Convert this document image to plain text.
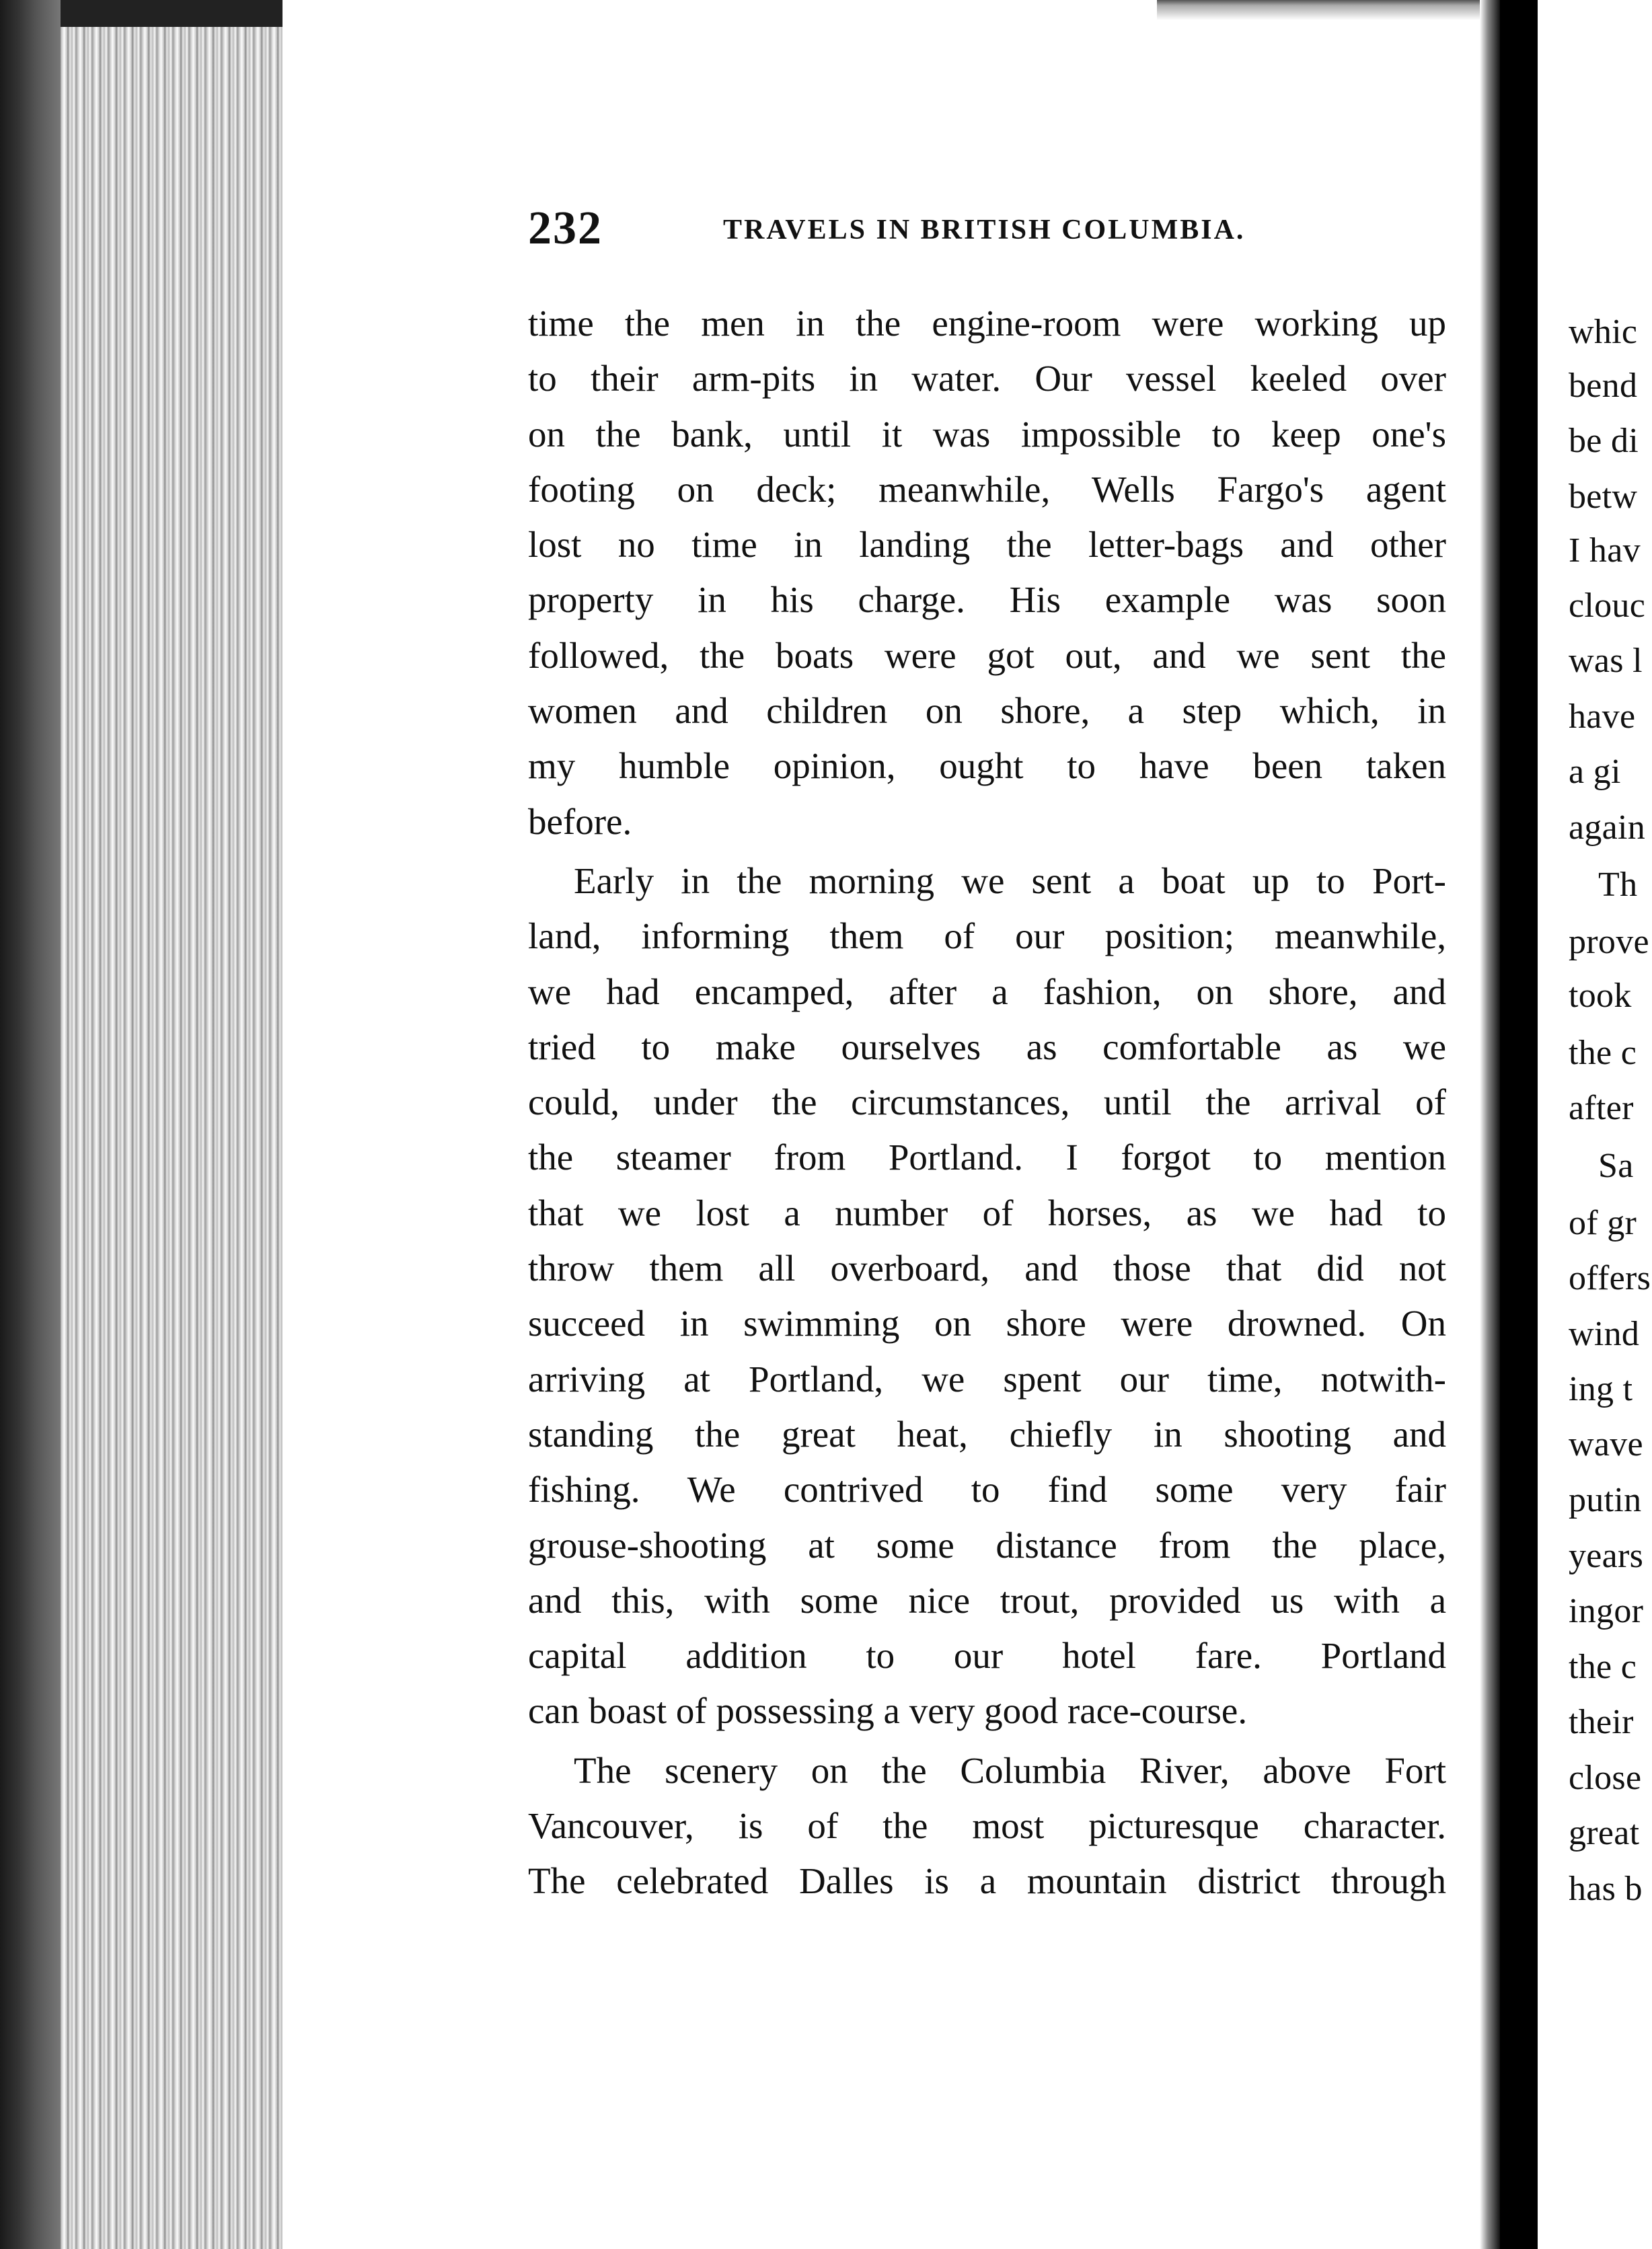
232	TRAVELS IN BRITISH COLUMBIA.
time the men in the engine-room were working up
to their arm-pits in water. Our vessel keeled over
on the bank, until it was impossible to keep one's
footing on deck; meanwhile, Wells Fargo's agent
lost no time in landing the letter-bags and other
property in his charge. His example was soon
followed, the boats were got out, and we sent the
women and children on shore, a step which, in
my humble opinion, ought to have been taken
before.
Early in the morning we sent a boat up to Port-
land, informing them of our position; meanwhile,
we had encamped, after a fashion, on shore, and
tried to make ourselves as comfortable as we
could, under the circumstances, until the arrival of
the steamer from Portland. I forgot to mention
that we lost a number of horses, as we had to
throw them all overboard, and those that did not
succeed in swimming on shore were drowned. On
arriving at Portland, we spent our time, notwith-
standing the great heat, chiefly in shooting and
fishing. We contrived to find some very fair
grouse-shooting at some distance from the place,
and this, with some nice trout, provided us with a
capital addition to our hotel fare. Portland
can boast of possessing a very good race-course.
The scenery on the Columbia River, above Fort
Vancouver, is of the most picturesque character.
The celebrated Dalles is a mountain district through
whic
bend
be di
betw
I hav
clouc
was l
have
a gi
again
Th
prove
took
the c
after
Sa
of gr
offers
wind
ing t
wave
putin
years
ingor
the c
their
close
great
has b
